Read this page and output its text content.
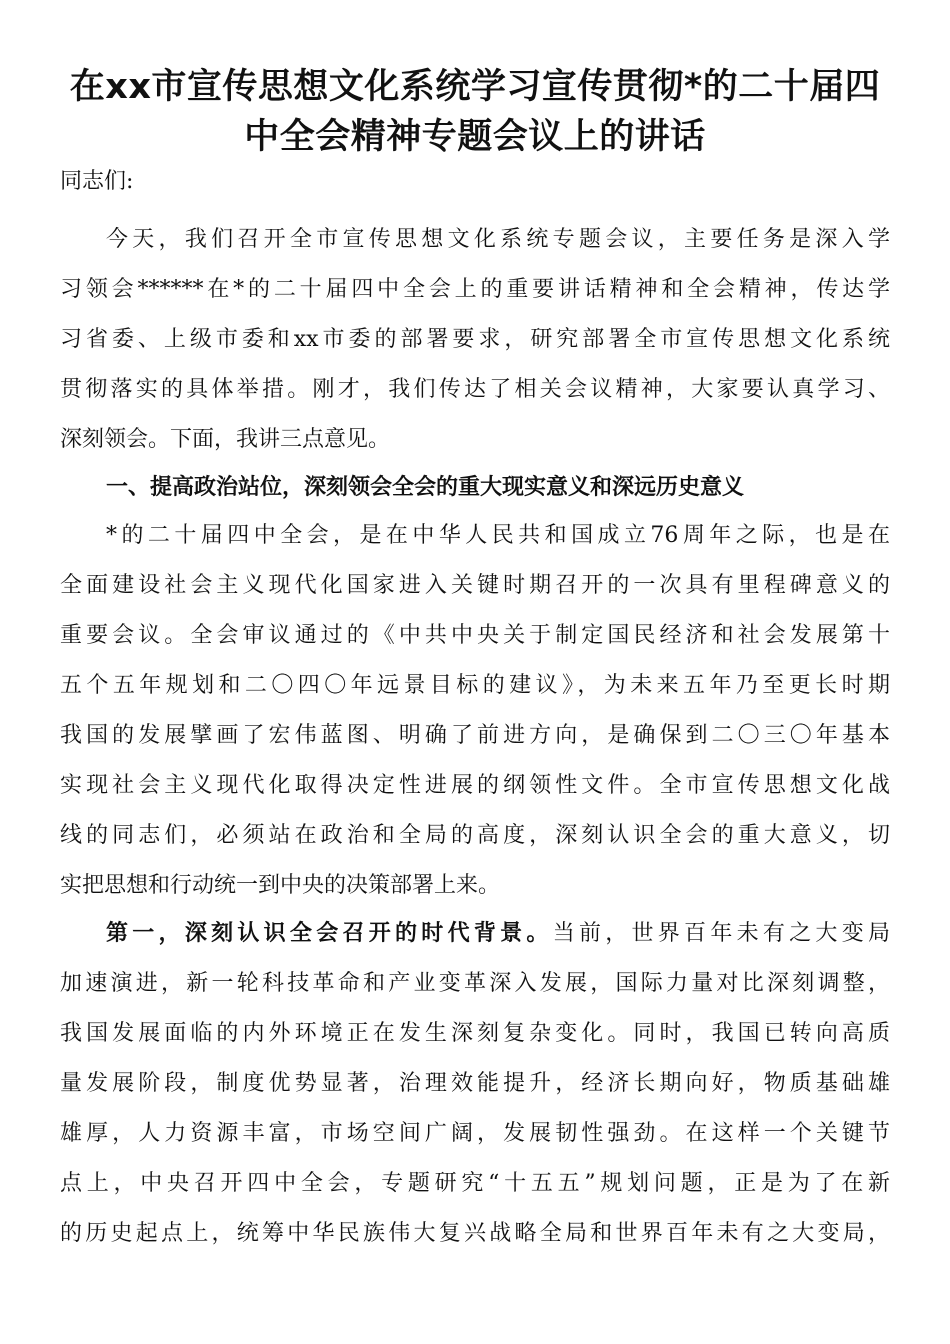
在xx市宣传思想文化系统学习宣传贯彻*的二十届四
中全会精神专题会议上的讲话

同志们:

今天，我们召开全市宣传思想文化系统专题会议，主要任务是深入学

习领会******在*的二十届四中全会上的重要讲话精神和全会精神，传达学

习省委、上级市委和xx市委的部署要求，研究部署全市宣传思想文化系统

贯彻落实的具体举措。刚才，我们传达了相关会议精神，大家要认真学习、

深刻领会。下面，我讲三点意见。

一、提高政治站位，深刻领会全会的重大现实意义和深远历史意义

*的二十届四中全会，是在中华人民共和国成立76周年之际，也是在

全面建设社会主义现代化国家进入关键时期召开的一次具有里程碑意义的

重要会议。全会审议通过的《中共中央关于制定国民经济和社会发展第十

五个五年规划和二〇四〇年远景目标的建议》，为未来五年乃至更长时期

我国的发展擘画了宏伟蓝图、明确了前进方向，是确保到二〇三〇年基本

实现社会主义现代化取得决定性进展的纲领性文件。全市宣传思想文化战

线的同志们，必须站在政治和全局的高度，深刻认识全会的重大意义，切

实把思想和行动统一到中央的决策部署上来。

第一，深刻认识全会召开的时代背景。当前，世界百年未有之大变局

加速演进，新一轮科技革命和产业变革深入发展，国际力量对比深刻调整，

我国发展面临的内外环境正在发生深刻复杂变化。同时，我国已转向高质

量发展阶段，制度优势显著，治理效能提升，经济长期向好，物质基础雄

雄厚，人力资源丰富，市场空间广阔，发展韧性强劲。在这样一个关键节

点上，中央召开四中全会，专题研究“十五五”规划问题，正是为了在新

的历史起点上，统筹中华民族伟大复兴战略全局和世界百年未有之大变局，
